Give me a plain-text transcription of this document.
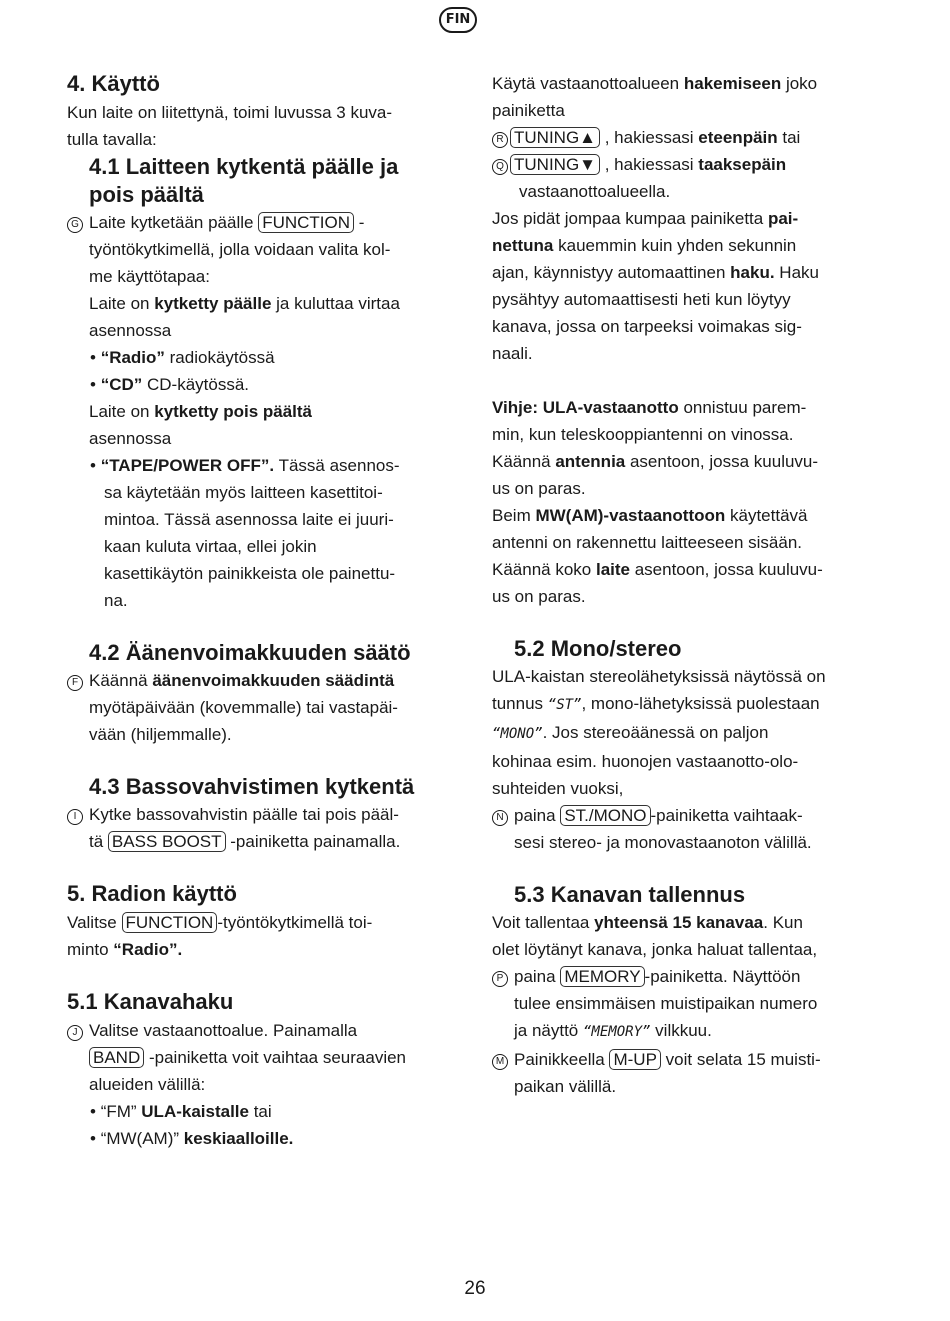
FIN
4. Käyttö
Kun laite on liitettynä, toimi luvussa 3 kuva-
tulla tavalla:
4.1 Laitteen kytkentä päälle ja
pois päältä
G Laite kytketään päälle FUNCTION -
työntökytkimellä, jolla voidaan valita kol-
me käyttötapaa:
Laite on kytketty päälle ja kuluttaa virtaa
asennossa
• “Radio” radiokäytössä
• “CD” CD-käytössä.
Laite on kytketty pois päältä
asennossa
• “TAPE/POWER OFF”. Tässä asennos-
sa käytetään myös laitteen kasettitoi-
mintoa. Tässä asennossa laite ei juuri-
kaan kuluta virtaa, ellei jokin
kasettikäytön painikkeista ole painettu-
na.
4.2 Äänenvoimakkuuden säätö
F Käännä äänenvoimakkuuden säädintä
myötäpäivään (kovemmalle) tai vastapäi-
vään (hiljemmalle).
4.3 Bassovahvistimen kytkentä
I Kytke bassovahvistin päälle tai pois pääl-
tä BASS BOOST -painiketta painamalla.
5. Radion käyttö
Valitse FUNCTION -työntökytkimellä toi-
minto “Radio”.
5.1 Kanavahaku
J Valitse vastaanottoalue. Painamalla
BAND -painiketta voit vaihtaa seuraavien
alueiden välillä:
• “FM” ULA-kaistalle tai
• “MW(AM)” keskiaalloille.
Käytä vastaanottoalueen hakemiseen joko
painiketta
R TUNING▲ , hakiessasi eteenpäin tai
Q TUNING▼ , hakiessasi taaksepäin
vastaanottoalueella.
Jos pidät jompaa kumpaa painiketta pai-
nettuna kauemmin kuin yhden sekunnin
ajan, käynnistyy automaattinen haku. Haku
pysähtyy automaattisesti heti kun löytyy
kanava, jossa on tarpeeksi voimakas sig-
naali.
Vihje: ULA-vastaanotto onnistuu parem-
min, kun teleskooppiantenni on vinossa.
Käännä antennia asentoon, jossa kuuluvu-
us on paras.
Beim MW(AM)-vastaanottoon käytettävä
antenni on rakennettu laitteeseen sisään.
Käännä koko laite asentoon, jossa kuuluvu-
us on paras.
5.2 Mono/stereo
ULA-kaistan stereolähetyksissä näytössä on
tunnus “ST”, mono-lähetyksissä puolestaan
“MONO”. Jos stereoäänessä on paljon
kohinaa esim. huonojen vastaanotto-olo-
suhteiden vuoksi,
N paina ST./MONO -painiketta vaihtaak-
sesi stereo- ja monovastaanoton välillä.
5.3 Kanavan tallennus
Voit tallentaa yhteensä 15 kanavaa. Kun
olet löytänyt kanava, jonka haluat tallentaa,
P paina MEMORY -painiketta. Näyttöön
tulee ensimmäisen muistipaikan numero
ja näyttö “MEMORY” vilkkuu.
M Painikkeella M-UP voit selata 15 muisti-
paikan välillä.
26
